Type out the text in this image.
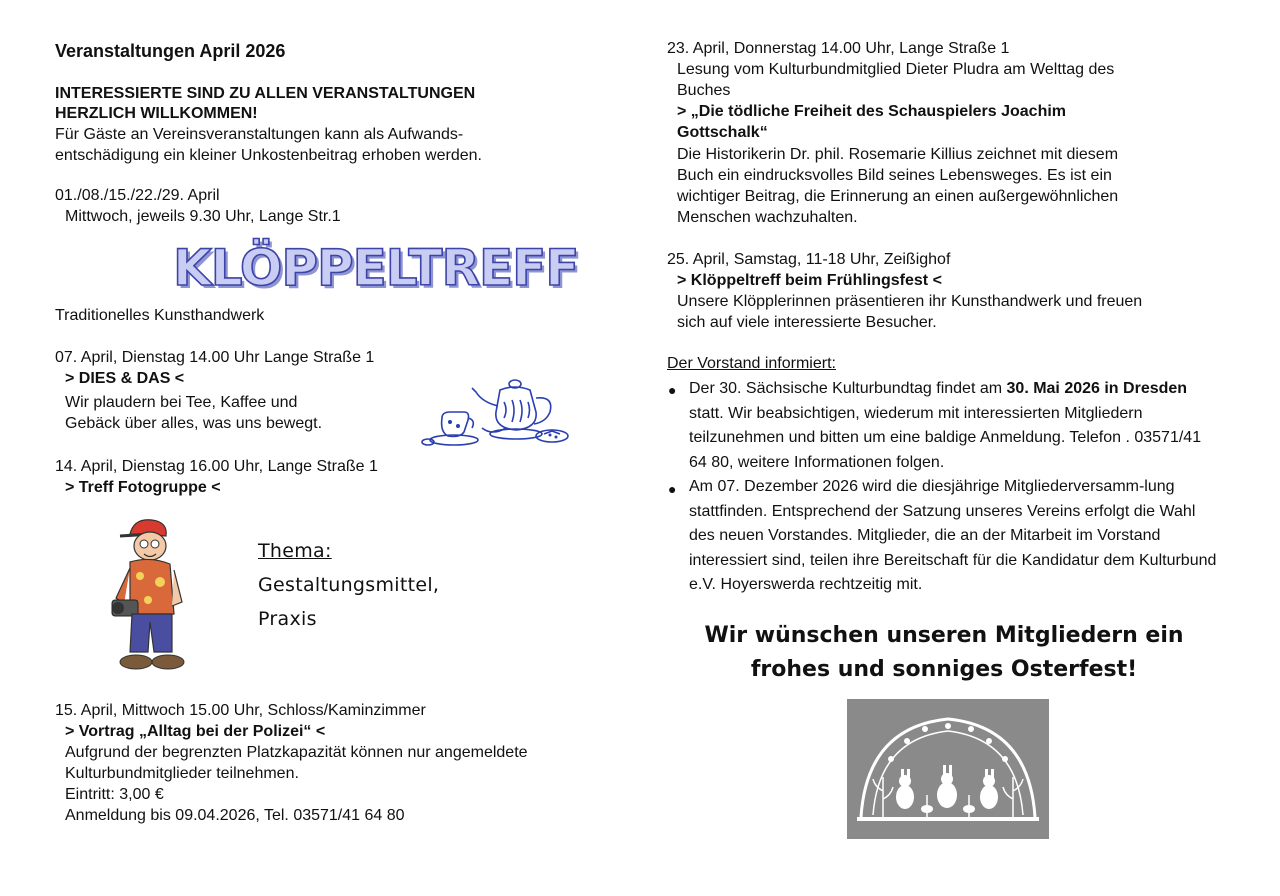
Veranstaltungen April 2026
INTERESSIERTE SIND ZU ALLEN VERANSTALTUNGEN
HERZLICH WILLKOMMEN!
Für Gäste an Vereinsveranstaltungen kann als Aufwands-
entschädigung ein kleiner Unkostenbeitrag erhoben werden.
01./08./15./22./29. April
Mittwoch, jeweils 9.30 Uhr, Lange Str.1
KLÖPPELTREFF
Traditionelles Kunsthandwerk
07. April, Dienstag 14.00 Uhr Lange Straße 1
> DIES & DAS <
Wir plaudern bei Tee, Kaffee und
Gebäck über alles, was uns bewegt.
14. April, Dienstag 16.00 Uhr, Lange Straße 1
> Treff Fotogruppe <
Thema:
Gestaltungsmittel,
Praxis
15. April, Mittwoch 15.00 Uhr, Schloss/Kaminzimmer
> Vortrag „Alltag bei der Polizei“ <
Aufgrund der begrenzten Platzkapazität können nur angemeldete
Kulturbundmitglieder teilnehmen.
Eintritt: 3,00 €
Anmeldung bis 09.04.2026, Tel. 03571/41 64 80
23. April, Donnerstag 14.00 Uhr, Lange Straße 1
Lesung vom Kulturbundmitglied Dieter Pludra am Welttag des
Buches
> „Die tödliche Freiheit des Schauspielers Joachim
Gottschalk“
Die Historikerin Dr. phil. Rosemarie Killius zeichnet mit diesem
Buch ein eindrucksvolles Bild seines Lebensweges. Es ist ein
wichtiger Beitrag, die Erinnerung an einen außergewöhnlichen
Menschen wachzuhalten.
25. April, Samstag, 11-18 Uhr, Zeißighof
> Klöppeltreff beim Frühlingsfest <
Unsere Klöpplerinnen präsentieren ihr Kunsthandwerk und freuen
sich auf viele interessierte Besucher.
Der Vorstand informiert:
● Der 30. Sächsische Kulturbundtag findet am 30. Mai 2026 in Dresden statt. Wir beabsichtigen, wiederum mit interessierten Mitgliedern teilzunehmen und bitten um eine baldige Anmeldung. Telefon . 03571/41 64 80, weitere Informationen folgen.
● Am 07. Dezember 2026 wird die diesjährige Mitgliederversamm-lung stattfinden. Entsprechend der Satzung unseres Vereins erfolgt die Wahl des neuen Vorstandes. Mitglieder, die an der Mitarbeit im Vorstand interessiert sind, teilen ihre Bereitschaft für die Kandidatur dem Kulturbund e.V. Hoyerswerda rechtzeitig mit.
Wir wünschen unseren Mitgliedern ein
frohes und sonniges Osterfest!
